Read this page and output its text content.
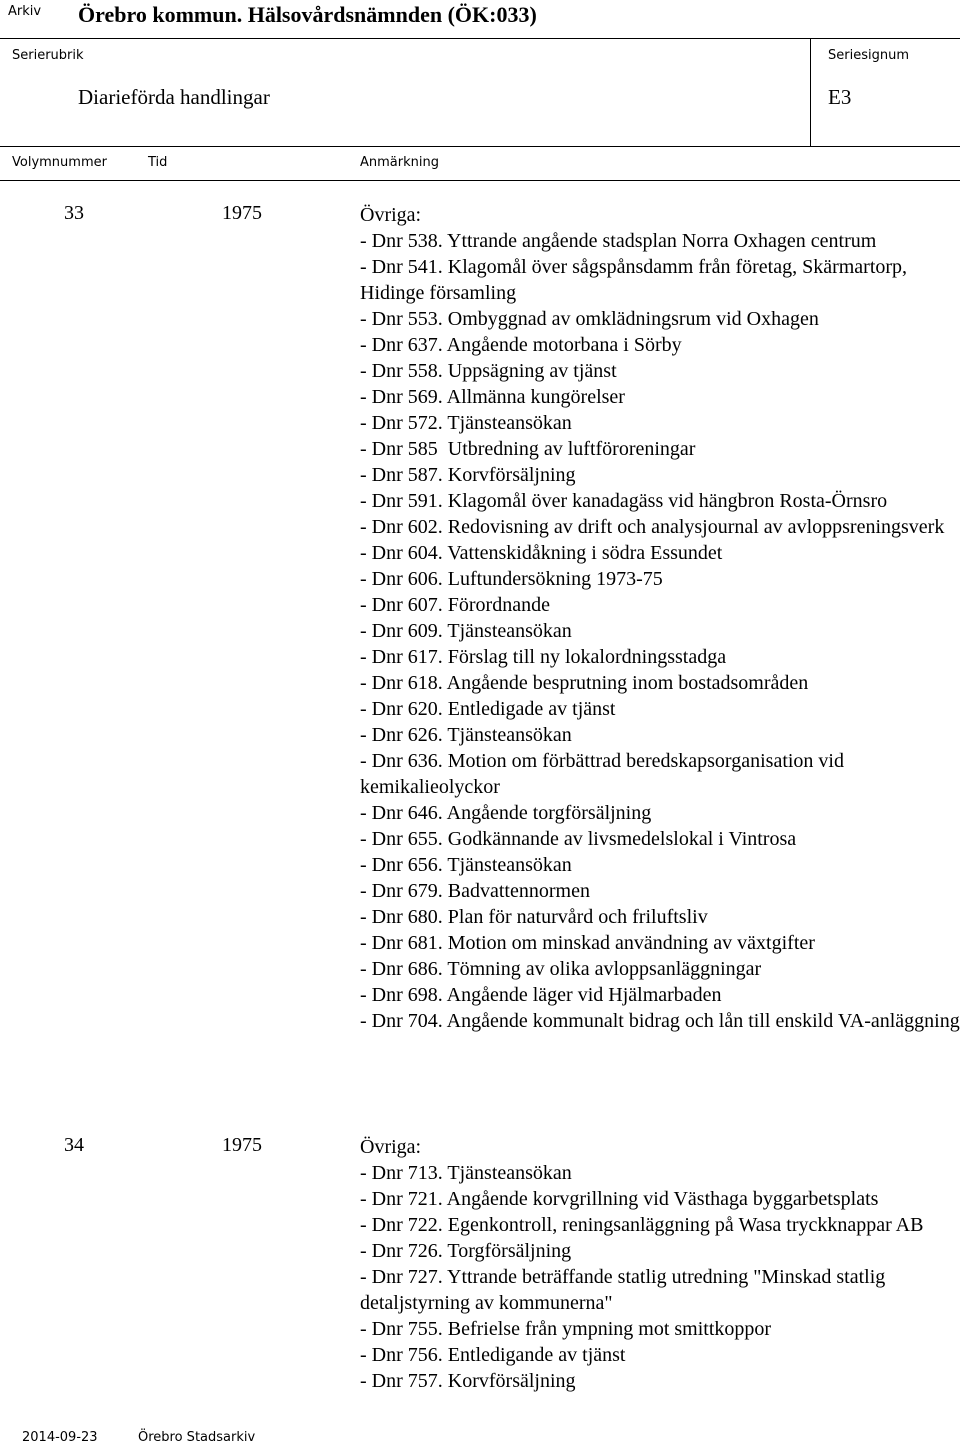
Arkiv Örebro kommun. Hälsovårdsnämnden (ÖK:033)
Serierubrik
Diarieförda handlingar
Seriesignum
E3
Volymnummer	Tid	Anmärkning
33	1975	Övriga:
- Dnr 538. Yttrande angående stadsplan Norra Oxhagen centrum
- Dnr 541. Klagomål över sågspånsdamm från företag, Skärmartorp, Hidinge församling
- Dnr 553. Ombyggnad av omklädningsrum vid Oxhagen
- Dnr 637. Angående motorbana i Sörby
- Dnr 558. Uppsägning av tjänst
- Dnr 569. Allmänna kungörelser
- Dnr 572. Tjänsteansökan
- Dnr 585  Utbredning av luftföroreningar
- Dnr 587. Korvförsäljning
- Dnr 591. Klagomål över kanadagäss vid hängbron Rosta-Örnsro
- Dnr 602. Redovisning av drift och analysjournal av avloppsreningsverk
- Dnr 604. Vattenskidåkning i södra Essundet
- Dnr 606. Luftundersökning 1973-75
- Dnr 607. Förordnande
- Dnr 609. Tjänsteansökan
- Dnr 617. Förslag till ny lokalordningsstadga
- Dnr 618. Angående besprutning inom bostadsområden
- Dnr 620. Entledigade av tjänst
- Dnr 626. Tjänsteansökan
- Dnr 636. Motion om förbättrad beredskapsorganisation vid kemikalieolyckor
- Dnr 646. Angående torgförsäljning
- Dnr 655. Godkännande av livsmedelslokal i Vintrosa
- Dnr 656. Tjänsteansökan
- Dnr 679. Badvattennormen
- Dnr 680. Plan för naturvård och friluftsliv
- Dnr 681. Motion om minskad användning av växtgifter
- Dnr 686. Tömning av olika avloppsanläggningar
- Dnr 698. Angående läger vid Hjälmarbaden
- Dnr 704. Angående kommunalt bidrag och lån till enskild VA-anläggning
34	1975	Övriga:
- Dnr 713. Tjänsteansökan
- Dnr 721. Angående korvgrillning vid Västhaga byggarbetsplats
- Dnr 722. Egenkontroll, reningsanläggning på Wasa tryckknappar AB
- Dnr 726. Torgförsäljning
- Dnr 727. Yttrande beträffande statlig utredning "Minskad statlig detaljstyrning av kommunerna"
- Dnr 755. Befrielse från ympning mot smittkoppor
- Dnr 756. Entledigande av tjänst
- Dnr 757. Korvförsäljning
2014-09-23	Örebro Stadsarkiv
